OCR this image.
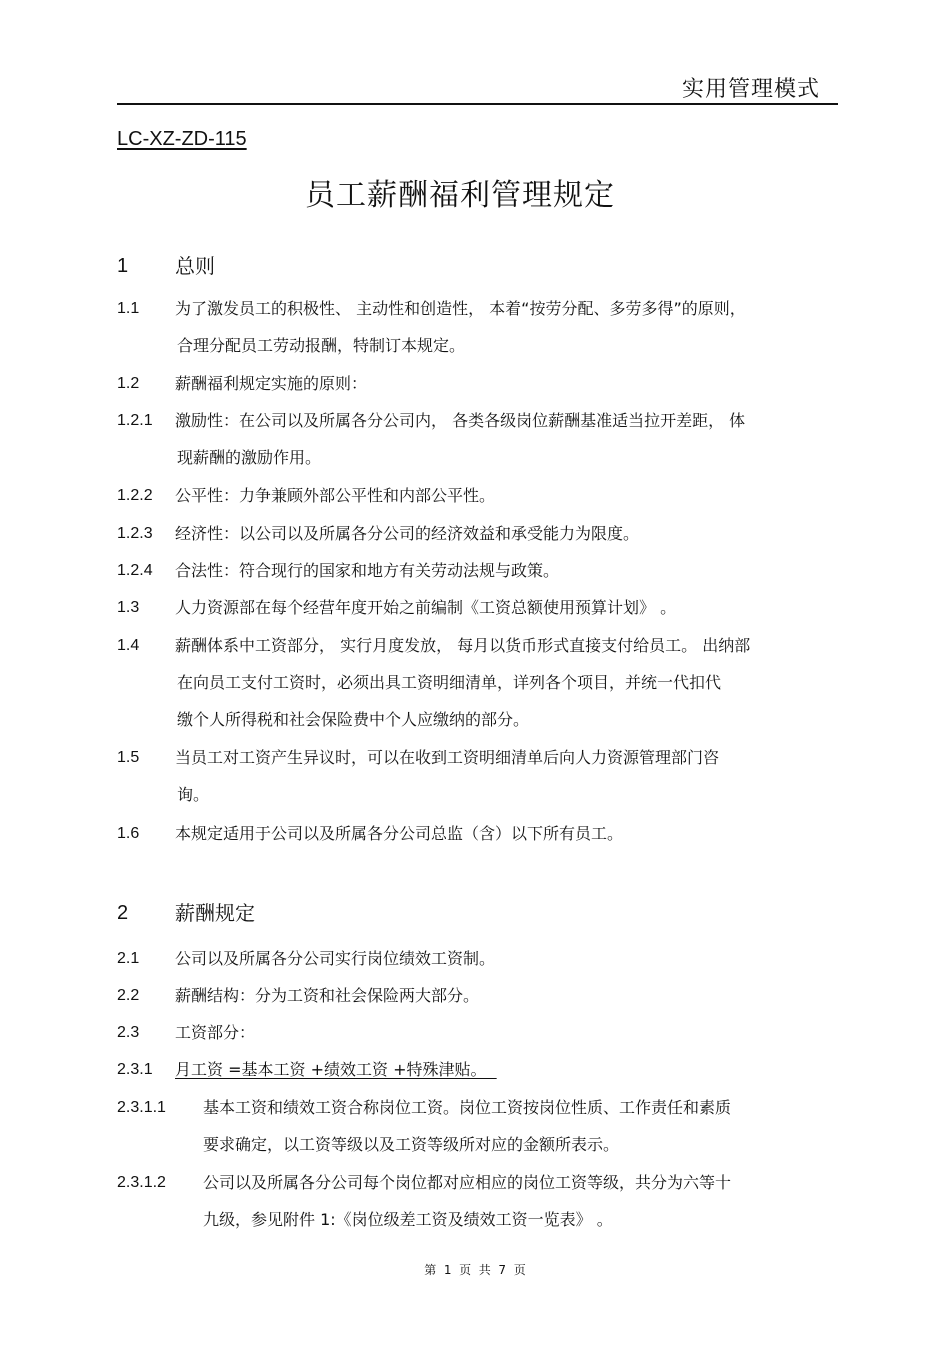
实用管理模式
LC-XZ-ZD-115
员工薪酬福利管理规定
1 总则
1.1 为了激发员工的积极性、 主动性和创造性， 本着“按劳分配、多劳多得”的原则，
合理分配员工劳动报酬，特制订本规定。
1.2 薪酬福利规定实施的原则：
1.2.1 激励性：在公司以及所属各分公司内， 各类各级岗位薪酬基准适当拉开差距， 体
现薪酬的激励作用。
1.2.2 公平性：力争兼顾外部公平性和内部公平性。
1.2.3 经济性：以公司以及所属各分公司的经济效益和承受能力为限度。
1.2.4 合法性：符合现行的国家和地方有关劳动法规与政策。
1.3 人力资源部在每个经营年度开始之前编制《工资总额使用预算计划》 。
1.4 薪酬体系中工资部分， 实行月度发放， 每月以货币形式直接支付给员工。 出纳部
在向员工支付工资时，必须出具工资明细清单，详列各个项目，并统一代扣代
缴个人所得税和社会保险费中个人应缴纳的部分。
1.5 当员工对工资产生异议时，可以在收到工资明细清单后向人力资源管理部门咨
询。
1.6 本规定适用于公司以及所属各分公司总监（含）以下所有员工。
2 薪酬规定
2.1 公司以及所属各分公司实行岗位绩效工资制。
2.2 薪酬结构：分为工资和社会保险两大部分。
2.3 工资部分：
2.3.1 月工资 =基本工资 +绩效工资 +特殊津贴。
2.3.1.1 基本工资和绩效工资合称岗位工资。岗位工资按岗位性质、工作责任和素质
要求确定，以工资等级以及工资等级所对应的金额所表示。
2.3.1.2 公司以及所属各分公司每个岗位都对应相应的岗位工资等级，共分为六等十
九级，参见附件 1:《岗位级差工资及绩效工资一览表》 。
第  1  页  共  7  页
